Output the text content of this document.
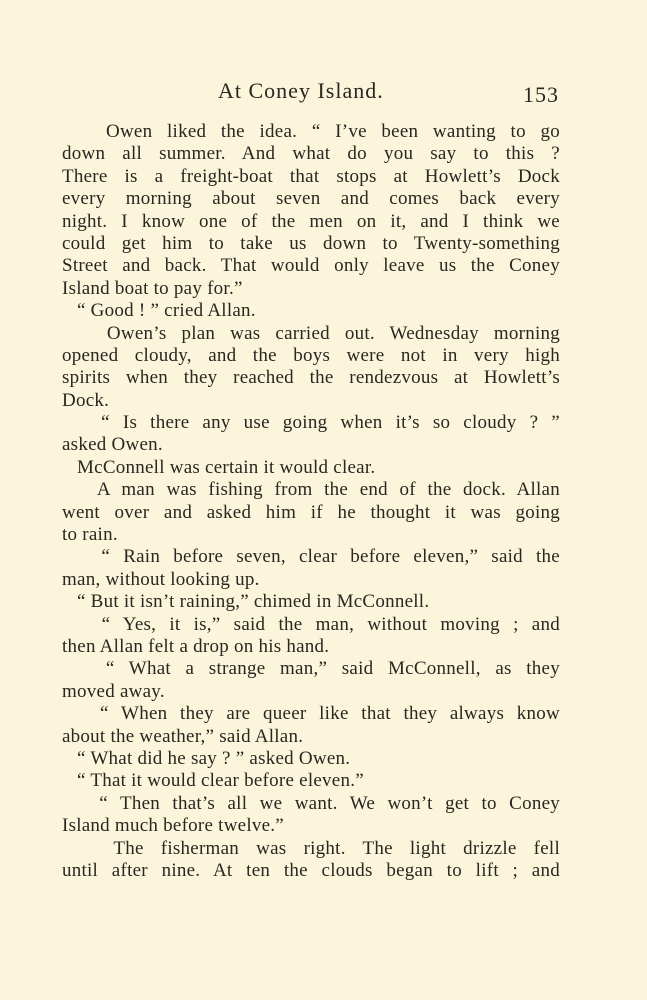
At Coney Island.	153
Owen liked the idea. “ I’ve been wanting to go
down all summer. And what do you say to this ?
There is a freight-boat that stops at Howlett’s Dock
every morning about seven and comes back every
night. I know one of the men on it, and I think we
could get him to take us down to Twenty-something
Street and back. That would only leave us the Coney
Island boat to pay for.”
“ Good ! ” cried Allan.
Owen’s plan was carried out. Wednesday morning
opened cloudy, and the boys were not in very high
spirits when they reached the rendezvous at Howlett’s
Dock.
“ Is there any use going when it’s so cloudy ? ”
asked Owen.
McConnell was certain it would clear.
A man was fishing from the end of the dock. Allan
went over and asked him if he thought it was going
to rain.
“ Rain before seven, clear before eleven,” said the
man, without looking up.
“ But it isn’t raining,” chimed in McConnell.
“ Yes, it is,” said the man, without moving ; and
then Allan felt a drop on his hand.
“ What a strange man,” said McConnell, as they
moved away.
“ When they are queer like that they always know
about the weather,” said Allan.
“ What did he say ? ” asked Owen.
“ That it would clear before eleven.”
“ Then that’s all we want. We won’t get to Coney
Island much before twelve.”
The fisherman was right. The light drizzle fell
until after nine. At ten the clouds began to lift ; and
